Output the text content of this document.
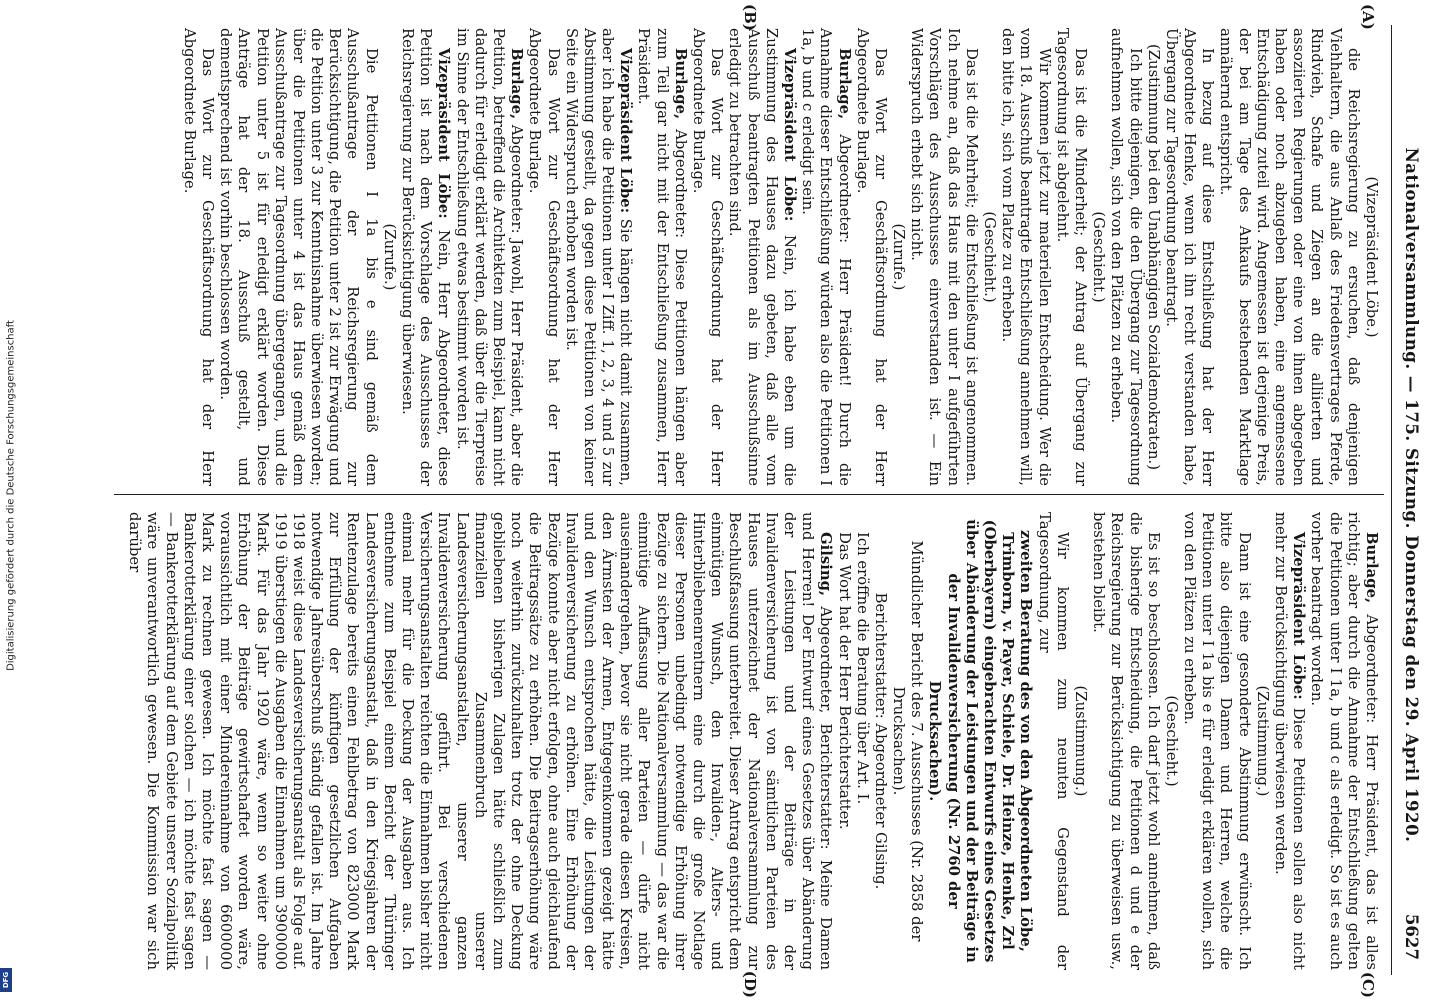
Nationalversammlung. — 175. Sitzung. Donnerstag den 29. April 1920.
5627
(A)
(B)
(C)
(D)

(Vizepräsident Löbe.)

die Reichsregierung zu ersuchen, daß denjenigen Viehhaltern, die aus Anlaß des Friedensvertrages Pferde, Rindvieh, Schafe und Ziegen an die alliierten und assoziierten Regierungen oder eine von ihnen abgegeben haben oder noch abzugeben haben, eine angemessene Entschädigung zuteil wird. Angemessen ist derjenige Preis, der bei am Tage des Ankaufs bestehenden Marktlage annähernd entspricht.

In bezug auf diese Entschließung hat der Herr Abgeordnete Henke, wenn ich ihn recht verstanden habe, Übergang zur Tagesordnung beantragt.

(Zustimmung bei den Unabhängigen Sozialdemokraten.)

Ich bitte diejenigen, die den Übergang zur Tagesordnung aufnehmen wollen, sich von den Plätzen zu erheben.

(Geschieht.)

Das ist die Minderheit; der Antrag auf Übergang zur Tagesordnung ist abgelehnt.

Wir kommen jetzt zur materiellen Entscheidung. Wer die vom 18. Ausschuß beantragte Entschließung annehmen will, den bitte ich, sich vom Platze zu erheben.

(Geschieht.)

Das ist die Mehrheit; die Entschließung ist angenommen. Ich nehme an, daß das Haus mit den unter I aufgeführten Vorschlägen des Ausschusses einverstanden ist. — Ein Widerspruch erhebt sich nicht.

(Zurufe.)

Das Wort zur Geschäftsordnung hat der Herr Abgeordnete Burlage.

Burlage, Abgeordneter: Herr Präsident! Durch die Annahme dieser Entschließung würden also die Petitionen I 1a, b und c erledigt sein.

Vizepräsident Löbe: Nein, ich habe eben um die Zustimmung des Hauses dazu gebeten, daß alle vom Ausschuß beantragten Petitionen als im Ausschußsinne erledigt zu betrachten sind.

Das Wort zur Geschäftsordnung hat der Herr Abgeordnete Burlage.

Burlage, Abgeordneter: Diese Petitionen hängen aber zum Teil gar nicht mit der Entschließung zusammen, Herr Präsident.

Vizepräsident Löbe: Sie hängen nicht damit zusammen, aber ich habe die Petitionen unter I Ziff. 1, 2, 3, 4 und 5 zur Abstimmung gestellt, da gegen diese Petitionen von keiner Seite ein Widerspruch erhoben worden ist.

Das Wort zur Geschäftsordnung hat der Herr Abgeordnete Burlage.

Burlage, Abgeordneter: Jawohl, Herr Präsident, aber die Petition, betreffend die Architekten zum Beispiel, kann nicht dadurch für erledigt erklärt werden, daß über die Tierpreise im Sinne der Entschließung etwas bestimmt worden ist.

Vizepräsident Löbe: Nein, Herr Abgeordneter, diese Petition ist nach dem Vorschlage des Ausschusses der Reichsregierung zur Berücksichtigung überwiesen.

(Zurufe.)

Die Petitionen I 1a bis e sind gemäß dem Ausschußantrage der Reichsregierung zur Berücksichtigung, die Petition unter 2 ist zur Erwägung und die Petition unter 3 zur Kenntnisnahme überwiesen worden; über die Petitionen unter 4 ist das Haus gemäß dem Ausschußantrage zur Tagesordnung übergegangen, und die Petition unter 5 ist für erledigt erklärt worden. Diese Anträge hat der 18. Ausschuß gestellt, und dementsprechend ist vorhin beschlossen worden.

Das Wort zur Geschäftsordnung hat der Herr Abgeordnete Burlage.

Burlage, Abgeordneter: Herr Präsident, das ist alles richtig; aber durch die Annahme der Entschließung gelten die Petitionen unter I 1a, b und c als erledigt. So ist es auch vorher beantragt worden.

Vizepräsident Löbe: Diese Petitionen sollen also nicht mehr zur Berücksichtigung überwiesen werden.

(Zustimmung.)

Dann ist eine gesonderte Abstimmung erwünscht. Ich bitte also diejenigen Damen und Herren, welche die Petitionen unter I 1a bis e für erledigt erklären wollen, sich von den Plätzen zu erheben.

(Geschieht.)

Es ist so beschlossen. Ich darf jetzt wohl annehmen, daß die bisherige Entscheidung, die Petitionen d und e der Reichsregierung zur Berücksichtigung zu überweisen usw., bestehen bleibt.

(Zustimmung.)

Wir kommen zum neunten Gegenstand der Tagesordnung, zur

zweiten Beratung des von den Abgeordneten Löbe, Trimborn, v. Payer, Schiele, Dr. Heinze, Henke, Zrl (Oberbayern) eingebrachten Entwurfs eines Gesetzes über Abänderung der Leistungen und der Beiträge in der Invalidenversicherung (Nr. 2760 der Drucksachen).

Mündlicher Bericht des 7. Ausschusses (Nr. 2858 der Drucksachen).

Berichterstatter: Abgeordneter Gilsing.

Ich eröffne die Beratung über Art. I.

Das Wort hat der Herr Berichterstatter.

Gilsing, Abgeordneter, Berichterstatter: Meine Damen und Herren! Der Entwurf eines Gesetzes über Abänderung der Leistungen und der Beiträge in der Invalidenversicherung ist von sämtlichen Parteien des Hauses unterzeichnet der Nationalversammlung zur Beschlußfassung unterbreitet. Dieser Antrag entspricht dem einmütigen Wunsch, den Invaliden-, Alters- und Hinterbliebenenrentnern eine durch die große Notlage dieser Personen unbedingt notwendige Erhöhung ihrer Bezüge zu sichern. Die Nationalversammlung — das war die einmütige Auffassung aller Parteien — dürfe nicht auseinandergehen, bevor sie nicht gerade diesen Kreisen, den Ärmsten der Armen, Entgegenkommen gezeigt hätte und den Wunsch entsprochen hätte, die Leistungen der Invalidenversicherung zu erhöhen. Eine Erhöhung der Bezüge konnte aber nicht erfolgen, ohne auch gleichlaufend die Beitragssätze zu erhöhen. Die Beitragserhöhung wäre noch weiterhin zurückzuhalten trotz der ohne Deckung gebliebenen bisherigen Zulagen hätte schließlich zum finanziellen Zusammenbruch unserer Landesversicherungsanstalten, unserer ganzen Invalidenversicherung geführt. Bei verschiedenen Versicherungsanstalten reichten die Einnahmen bisher nicht einmal mehr für die Deckung der Ausgaben aus. Ich entnehme zum Beispiel einem Bericht der Thüringer Landesversicherungsanstalt, daß in den Kriegsjahren der Rentenzulage bereits einen Fehlbetrag von 823000 Mark zur Erfüllung der künftigen gesetzlichen Aufgaben notwendige Jahresüberschuß ständig gefallen ist. Im Jahre 1918 weist diese Landesversicherungsanstalt als Folge auf. 1919 überstiegen die Ausgaben die Einnahmen um 3900000 Mark. Für das Jahr 1920 wäre, wenn so weiter ohne Erhöhung der Beiträge gewirtschaftet worden wäre, voraussichtlich mit einer Mindereinnahme von 6600000 Mark zu rechnen gewesen. Ich möchte fast sagen — Bankerotterklärung einer solchen — ich möchte fast sagen — Bankerotterklärung auf dem Gebiete unserer Sozialpolitik wäre unverantwortlich gewesen. Die Kommission war sich darüber

Digitalisierung gefördert durch die Deutsche Forschungsgemeinschaft
DFG
